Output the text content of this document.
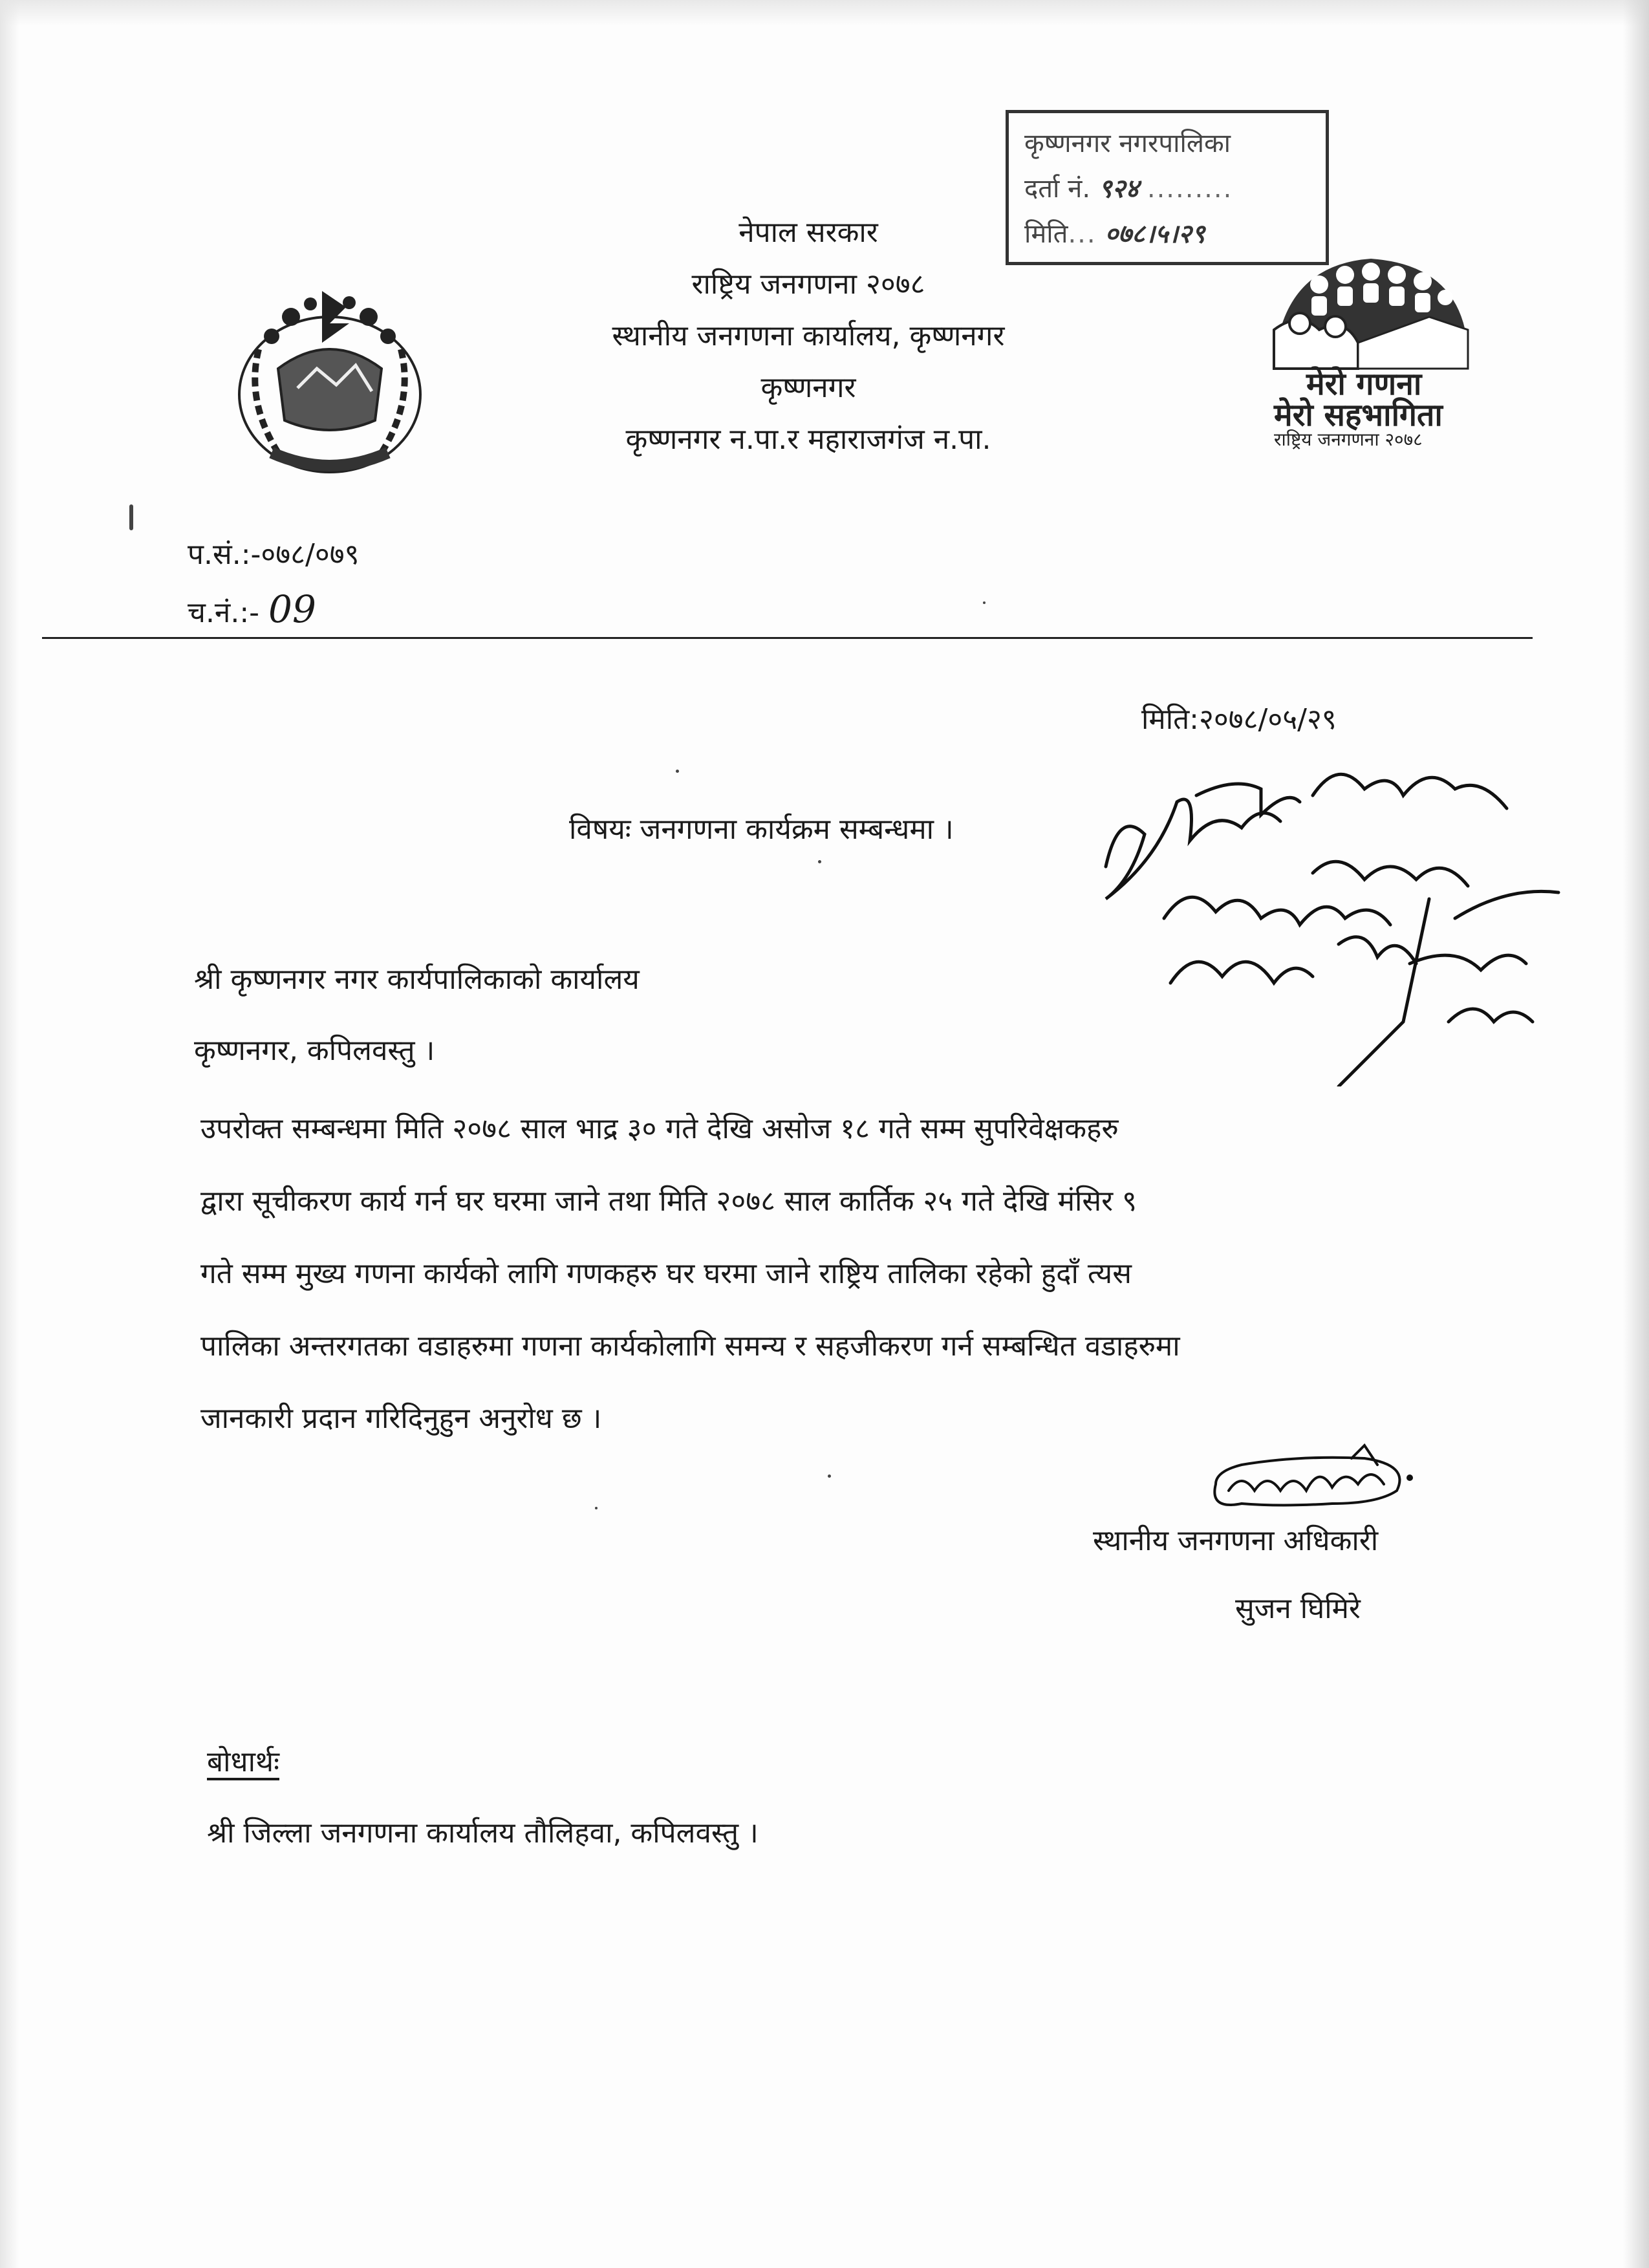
नेपाल सरकार
राष्ट्रिय जनगणना २०७८
स्थानीय जनगणना कार्यालय, कृष्णनगर
कृष्णनगर
कृष्णनगर न.पा.र महाराजगंज न.पा.
कृष्णनगर नगरपालिका
दर्ता नं. ९२४ .........
मिति... ०७८।५।२९
मेरो गणना
मेरो सहभागिता
राष्ट्रिय जनगणना २०७८
प.सं.:-०७८/०७९
च.नं.:- 09
मिति:२०७८/०५/२९
विषयः जनगणना कार्यक्रम सम्बन्धमा ।
श्री कृष्णनगर नगर कार्यपालिकाको कार्यालय
कृष्णनगर, कपिलवस्तु ।
उपरोक्त सम्बन्धमा मिति २०७८ साल भाद्र ३० गते देखि असोज १८ गते सम्म सुपरिवेक्षकहरु
द्वारा सूचीकरण कार्य गर्न घर घरमा जाने तथा मिति २०७८ साल कार्तिक २५ गते देखि मंसिर ९
गते सम्म मुख्य गणना कार्यको लागि गणकहरु घर घरमा जाने राष्ट्रिय तालिका रहेको हुदाँ त्यस
पालिका अन्तरगतका वडाहरुमा गणना कार्यकोलागि समन्य र सहजीकरण गर्न सम्बन्धित वडाहरुमा
जानकारी प्रदान गरिदिनुहुन अनुरोध छ ।
स्थानीय जनगणना अधिकारी
सुजन घिमिरे
बोधार्थः
श्री जिल्ला जनगणना कार्यालय तौलिहवा, कपिलवस्तु ।
